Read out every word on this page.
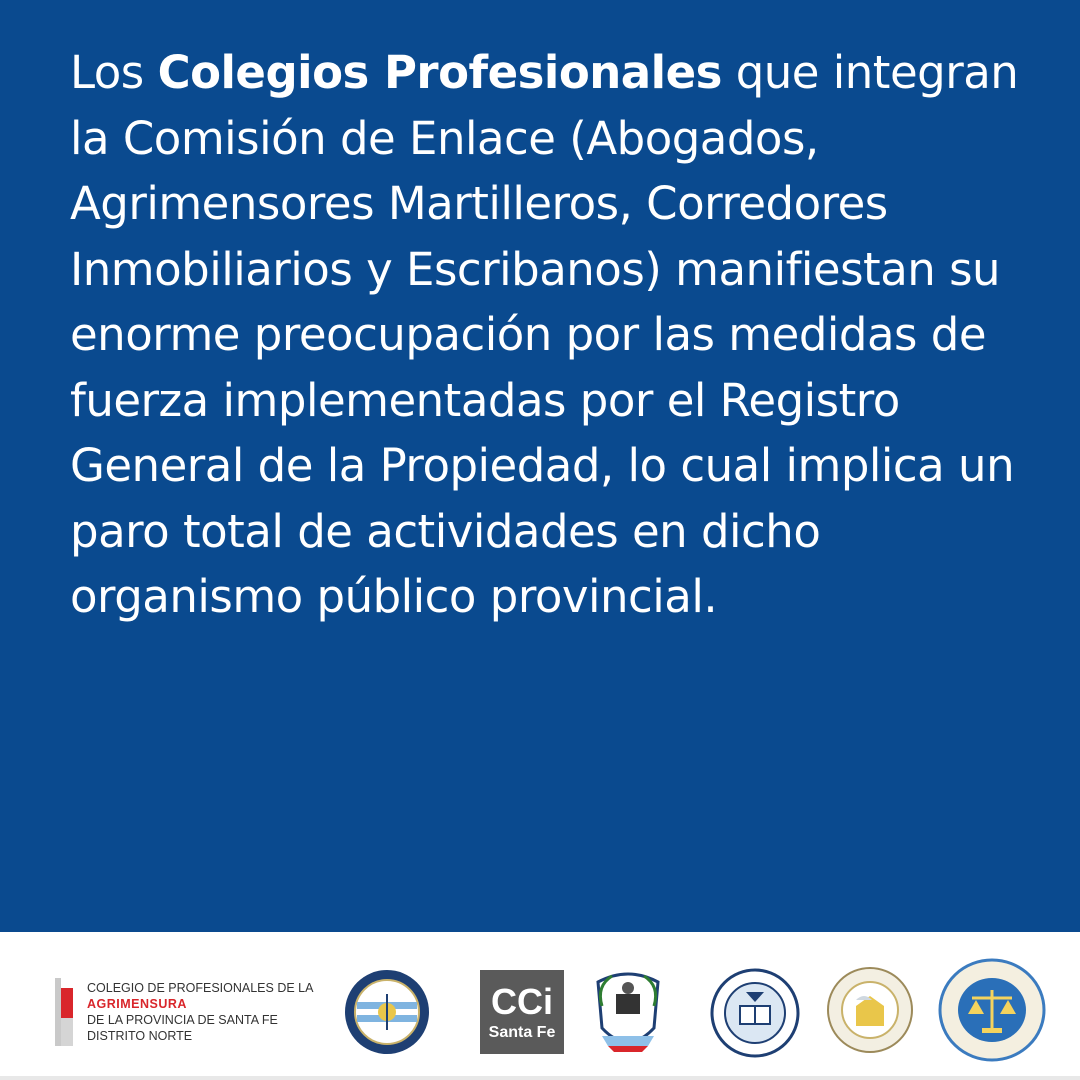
Los Colegios Profesionales que integran la Comisión de Enlace (Abogados, Agrimensores Martilleros, Corredores Inmobiliarios y Escribanos) manifiestan su enorme preocupación por las medidas de fuerza implementadas por el Registro General de la Propiedad, lo cual implica un paro total de actividades en dicho organismo público provincial.

COLEGIO DE PROFESIONALES DE LA
AGRIMENSURA
DE LA PROVINCIA DE SANTA FE
DISTRITO NORTE
CCi
Santa Fe
